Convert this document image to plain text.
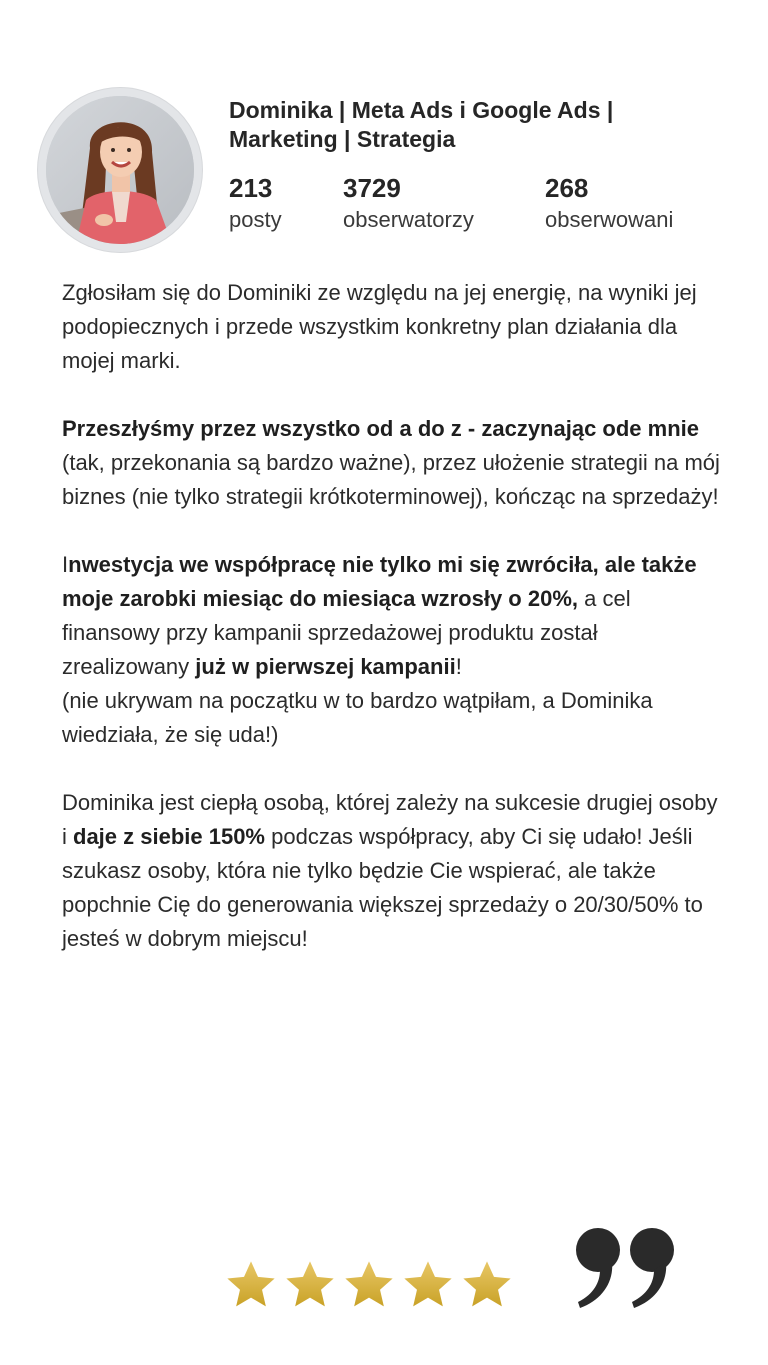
Dominika | Meta Ads i Google Ads | Marketing | Strategia
213
posty
3729
obserwatorzy
268
obserwowani

Zgłosiłam się do Dominiki ze względu na jej energię, na wyniki jej podopiecznych i przede wszystkim konkretny plan działania dla mojej marki.

Przeszłyśmy przez wszystko od a do z - zaczynając ode mnie (tak, przekonania są bardzo ważne), przez ułożenie strategii na mój biznes (nie tylko strategii krótkoterminowej), kończąc na sprzedaży!

Inwestycja we współpracę nie tylko mi się zwróciła, ale także moje zarobki miesiąc do miesiąca wzrosły o 20%, a cel finansowy przy kampanii sprzedażowej produktu został zrealizowany już w pierwszej kampanii!
(nie ukrywam na początku w to bardzo wątpiłam, a Dominika wiedziała, że się uda!)

Dominika jest ciepłą osobą, której zależy na sukcesie drugiej osoby i daje z siebie 150% podczas współpracy, aby Ci się udało! Jeśli szukasz osoby, która nie tylko będzie Cie wspierać, ale także popchnie Cię do generowania większej sprzedaży o 20/30/50% to jesteś w dobrym miejscu!
